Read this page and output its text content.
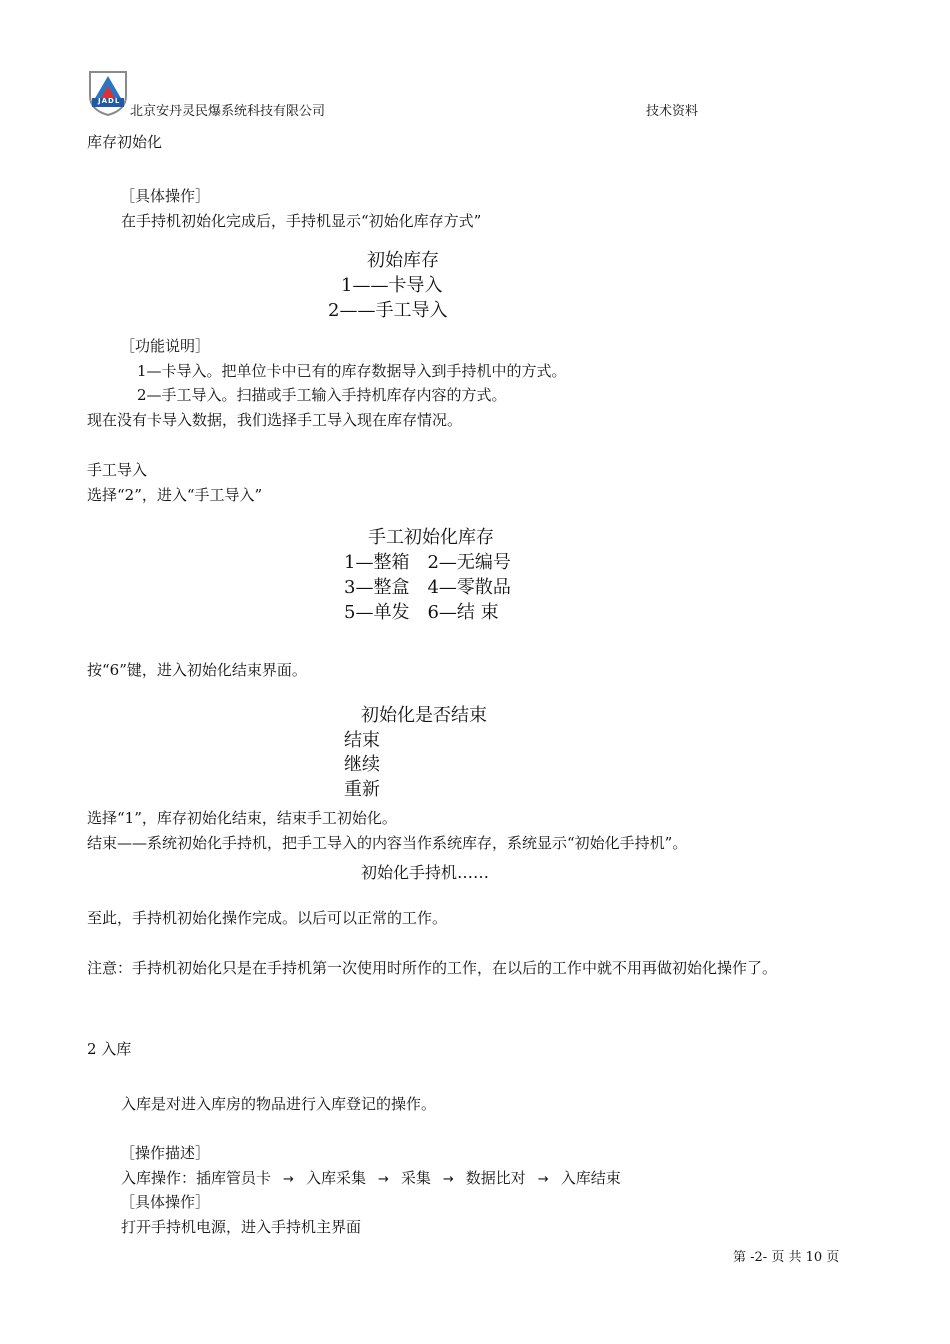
JADL
北京安丹灵民爆系统科技有限公司	技术资料
库存初始化
［具体操作］
在手持机初始化完成后，手持机显示“初始化库存方式”
初始库存
1——卡导入
2——手工导入
［功能说明］
1—卡导入。把单位卡中已有的库存数据导入到手持机中的方式。
2—手工导入。扫描或手工输入手持机库存内容的方式。
现在没有卡导入数据，我们选择手工导入现在库存情况。
手工导入
选择“2”，进入“手工导入”
手工初始化库存
1—整箱　2—无编号
3—整盒　4—零散品
5—单发　6—结 束
按“6”键，进入初始化结束界面。
初始化是否结束
结束
继续
重新
选择“1”，库存初始化结束，结束手工初始化。
结束——系统初始化手持机，把手工导入的内容当作系统库存，系统显示“初始化手持机”。
初始化手持机……
至此，手持机初始化操作完成。以后可以正常的工作。
注意：手持机初始化只是在手持机第一次使用时所作的工作，在以后的工作中就不用再做初始化操作了。
2 入库
入库是对进入库房的物品进行入库登记的操作。
［操作描述］
入库操作：插库管员卡 → 入库采集 → 采集 → 数据比对 → 入库结束
［具体操作］
打开手持机电源，进入手持机主界面
第 -2- 页 共 10 页
